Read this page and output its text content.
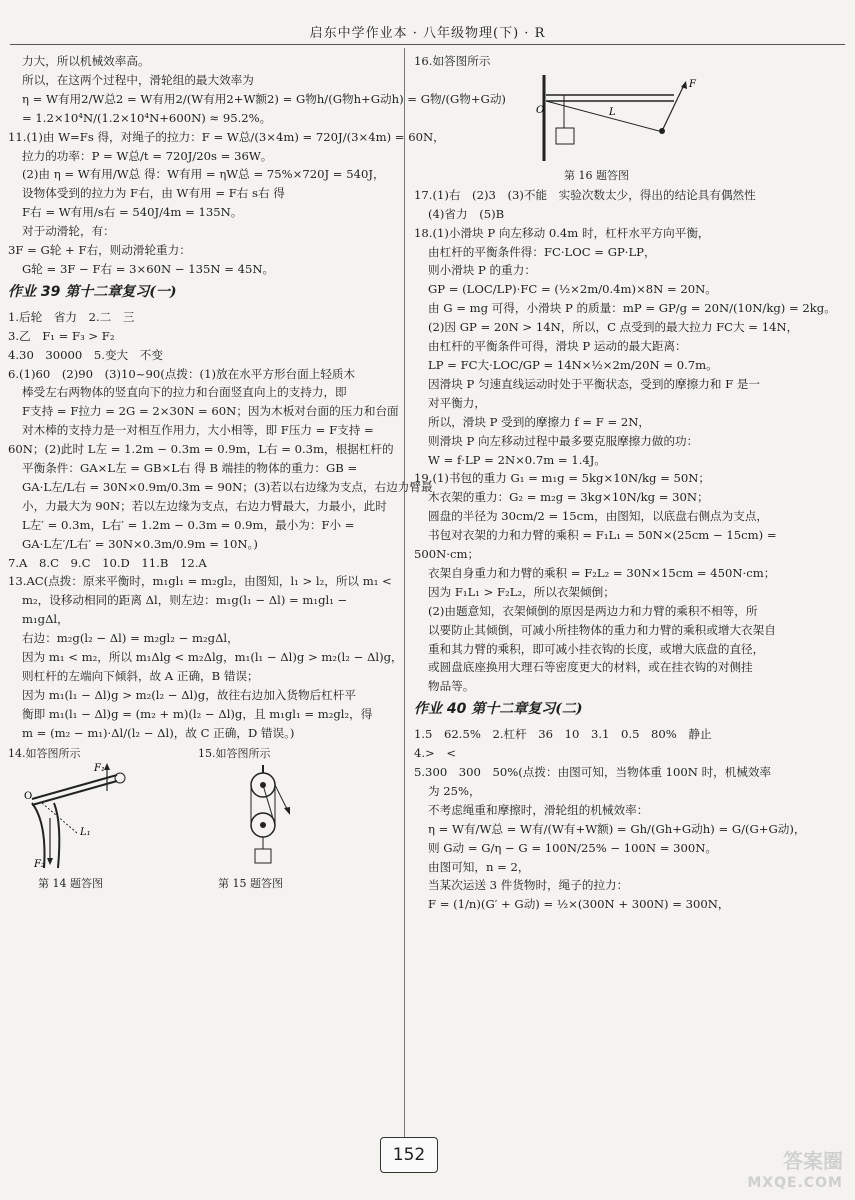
启东中学作业本 · 八年级物理(下) · R
力大，所以机械效率高。
所以，在这两个过程中，滑轮组的最大效率为
η = W有用2/W总2 = W有用2/(W有用2+W额2) = G物h/(G物h+G动h) = G物/(G物+G动)
= 1.2×10⁴N/(1.2×10⁴N+600N) ≈ 95.2%。
11.(1)由 W=Fs 得，对绳子的拉力：F = W总/(3×4m) = 720J/(3×4m) = 60N，
拉力的功率：P = W总/t = 720J/20s = 36W。
(2)由 η = W有用/W总 得：W有用 = ηW总 = 75%×720J = 540J，
设物体受到的拉力为 F右，由 W有用 = F右 s右 得
F右 = W有用/s右 = 540J/4m = 135N。
对于动滑轮，有：
3F = G轮 + F右，则动滑轮重力：
G轮 = 3F − F右 = 3×60N − 135N = 45N。
作业 39 第十二章复习(一)
1.后轮　省力　2.二　三
3.乙　F₁ = F₃ > F₂
4.30　30000　5.变大　不变
6.(1)60　(2)90　(3)10~90(点拨：(1)放在水平方形台面上轻质木
棒受左右两物体的竖直向下的拉力和台面竖直向上的支持力，即
F支持 = F拉力 = 2G = 2×30N = 60N；因为木板对台面的压力和台面
对木棒的支持力是一对相互作用力，大小相等，即 F压力 = F支持 =
60N；(2)此时 L左 = 1.2m − 0.3m = 0.9m，L右 = 0.3m，根据杠杆的
平衡条件：GA×L左 = GB×L右 得 B 端挂的物体的重力：GB =
GA·L左/L右 = 30N×0.9m/0.3m = 90N；(3)若以右边缘为支点，右边力臂最
小，力最大为 90N；若以左边缘为支点，右边力臂最大，力最小，此时
L左′ = 0.3m，L右′ = 1.2m − 0.3m = 0.9m，最小为：F小 =
GA·L左′/L右′ = 30N×0.3m/0.9m = 10N。)
7.A　8.C　9.C　10.D　11.B　12.A
13.AC(点拨：原来平衡时，m₁gl₁ = m₂gl₂，由图知，l₁ > l₂，所以 m₁ <
m₂，设移动相同的距离 Δl，则左边：m₁g(l₁ − Δl) = m₁gl₁ −
m₁gΔl，
右边：m₂g(l₂ − Δl) = m₂gl₂ − m₂gΔl，
因为 m₁ < m₂，所以 m₁Δlg < m₂Δlg，m₁(l₁ − Δl)g > m₂(l₂ − Δl)g，
则杠杆的左端向下倾斜，故 A 正确，B 错误；
因为 m₁(l₁ − Δl)g > m₂(l₂ − Δl)g，故往右边加入货物后杠杆平
衡即 m₁(l₁ − Δl)g = (m₂ + m)(l₂ − Δl)g，且 m₁gl₁ = m₂gl₂，得
m = (m₂ − m₁)·Δl/(l₂ − Δl)，故 C 正确，D 错误。)
14.如答图所示	15.如答图所示
O
F₁
F₂
L₁
第 14 题答图	第 15 题答图
16.如答图所示
O	L
F
第 16 题答图
17.(1)右　(2)3　(3)不能　实验次数太少，得出的结论具有偶然性
(4)省力　(5)B
18.(1)小滑块 P 向左移动 0.4m 时，杠杆水平方向平衡，
由杠杆的平衡条件得：FC·LOC = GP·LP，
则小滑块 P 的重力：
GP = (LOC/LP)·FC = (½×2m/0.4m)×8N = 20N。
由 G = mg 可得，小滑块 P 的质量：mP = GP/g = 20N/(10N/kg) = 2kg。
(2)因 GP = 20N > 14N，所以，C 点受到的最大拉力 FC大 = 14N，
由杠杆的平衡条件可得，滑块 P 运动的最大距离：
LP = FC大·LOC/GP = 14N×½×2m/20N = 0.7m。
因滑块 P 匀速直线运动时处于平衡状态，受到的摩擦力和 F 是一
对平衡力，
所以，滑块 P 受到的摩擦力 f = F = 2N，
则滑块 P 向左移动过程中最多要克服摩擦力做的功：
W = f·LP = 2N×0.7m = 1.4J。
19.(1)书包的重力 G₁ = m₁g = 5kg×10N/kg = 50N；
木衣架的重力：G₂ = m₂g = 3kg×10N/kg = 30N；
圆盘的半径为 30cm/2 = 15cm，由图知，以底盘右侧点为支点，
书包对衣架的力和力臂的乘积 = F₁L₁ = 50N×(25cm − 15cm) =
500N·cm；
衣架自身重力和力臂的乘积 = F₂L₂ = 30N×15cm = 450N·cm；
因为 F₁L₁ > F₂L₂，所以衣架倾倒；
(2)由题意知，衣架倾倒的原因是两边力和力臂的乘积不相等，所
以要防止其倾倒，可减小所挂物体的重力和力臂的乘积或增大衣架自
重和其力臂的乘积，即可减小挂衣钩的长度，或增大底盘的直径，
或圆盘底座换用大理石等密度更大的材料，或在挂衣钩的对侧挂
物品等。
作业 40 第十二章复习(二)
1.5　62.5%　2.杠杆　36　10　3.1　0.5　80%　静止
4.>　<
5.300　300　50%(点拨：由图可知，当物体重 100N 时，机械效率
为 25%，
不考虑绳重和摩擦时，滑轮组的机械效率：
η = W有/W总 = W有/(W有+W额) = Gh/(Gh+G动h) = G/(G+G动)，
则 G动 = G/η − G = 100N/25% − 100N = 300N。
由图可知，n = 2，
当某次运送 3 件货物时，绳子的拉力：
F = (1/n)(G′ + G动) = ½×(300N + 300N) = 300N，
152	答案圈
MXQE.COM
